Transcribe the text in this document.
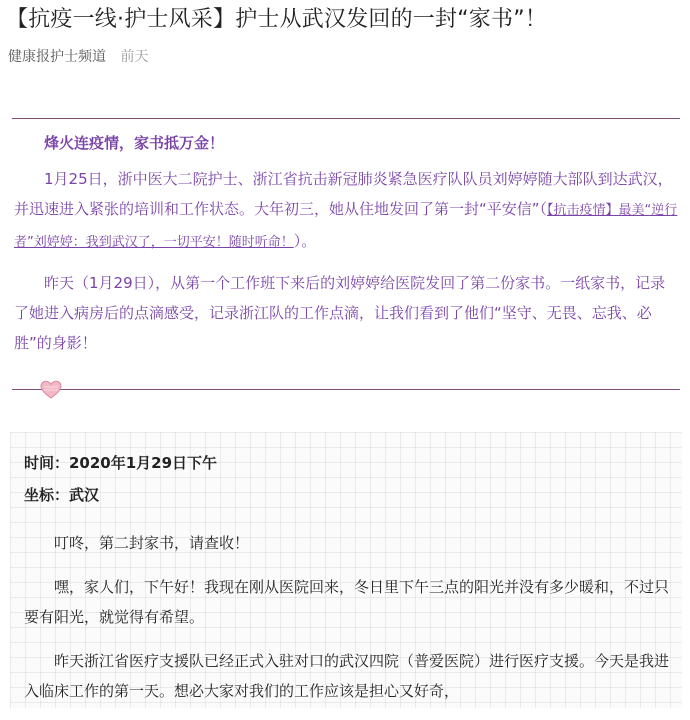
【抗疫一线·护士风采】护士从武汉发回的一封“家书”！
健康报护士频道 前天

烽火连疫情，家书抵万金！

1月25日，浙中医大二院护士、浙江省抗击新冠肺炎紧急医疗队队员刘婷婷随大部队到达武汉，并迅速进入紧张的培训和工作状态。大年初三，她从住地发回了第一封“平安信”（【抗击疫情】最美“逆行者”刘婷婷：我到武汉了，一切平安！随时听命！）。

昨天（1月29日），从第一个工作班下来后的刘婷婷给医院发回了第二份家书。一纸家书，记录了她进入病房后的点滴感受，记录浙江队的工作点滴，让我们看到了他们“坚守、无畏、忘我、必胜”的身影！

时间：2020年1月29日下午

坐标：武汉

叮咚，第二封家书，请查收！

嘿，家人们，下午好！我现在刚从医院回来，冬日里下午三点的阳光并没有多少暖和，不过只要有阳光，就觉得有希望。

昨天浙江省医疗支援队已经正式入驻对口的武汉四院（普爱医院）进行医疗支援。今天是我进入临床工作的第一天。想必大家对我们的工作应该是担心又好奇，
